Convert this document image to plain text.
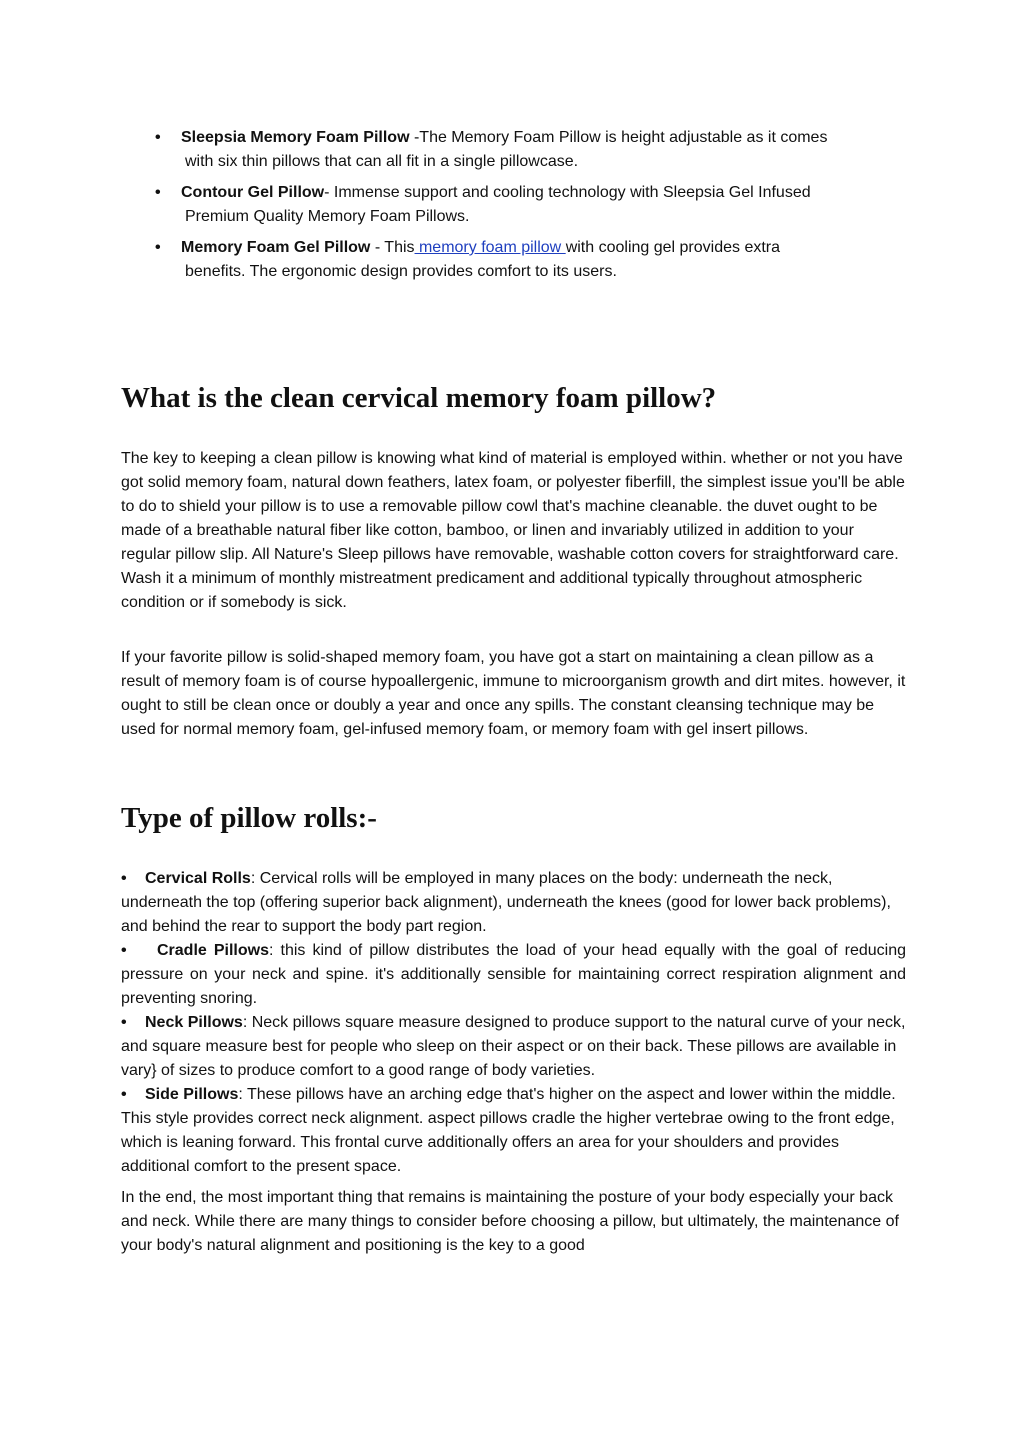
• Sleepsia Memory Foam Pillow -The Memory Foam Pillow is height adjustable as it comes
with six thin pillows that can all fit in a single pillowcase.
• Contour Gel Pillow- Immense support and cooling technology with Sleepsia Gel Infused
Premium Quality Memory Foam Pillows.
• Memory Foam Gel Pillow - This memory foam pillow with cooling gel provides extra
benefits. The ergonomic design provides comfort to its users.
What is the clean cervical memory foam pillow?

The key to keeping a clean pillow is knowing what kind of material is employed within. whether or not you have got solid memory foam, natural down feathers, latex foam, or polyester fiberfill, the simplest issue you'll be able to do to shield your pillow is to use a removable pillow cowl that's machine cleanable. the duvet ought to be made of a breathable natural fiber like cotton, bamboo, or linen and invariably utilized in addition to your regular pillow slip. All Nature's Sleep pillows have removable, washable cotton covers for straightforward care. Wash it a minimum of monthly mistreatment predicament and additional typically throughout atmospheric condition or if somebody is sick.

If your favorite pillow is solid-shaped memory foam, you have got a start on maintaining a clean pillow as a result of memory foam is of course hypoallergenic, immune to microorganism growth and dirt mites. however, it ought to still be clean once or doubly a year and once any spills. The constant cleansing technique may be used for normal memory foam, gel-infused memory foam, or memory foam with gel insert pillows.

Type of pillow rolls:-
• Cervical Rolls: Cervical rolls will be employed in many places on the body: underneath the neck, underneath the top (offering superior back alignment), underneath the knees (good for lower back problems), and behind the rear to support the body part region.
• Cradle Pillows: this kind of pillow distributes the load of your head equally with the goal of reducing pressure on your neck and spine. it's additionally sensible for maintaining correct respiration alignment and preventing snoring.
• Neck Pillows: Neck pillows square measure designed to produce support to the natural curve of your neck, and square measure best for people who sleep on their aspect or on their back. These pillows are available in vary} of sizes to produce comfort to a good range of body varieties.
• Side Pillows: These pillows have an arching edge that's higher on the aspect and lower within the middle. This style provides correct neck alignment. aspect pillows cradle the higher vertebrae owing to the front edge, which is leaning forward. This frontal curve additionally offers an area for your shoulders and provides additional comfort to the present space.

In the end, the most important thing that remains is maintaining the posture of your body especially your back and neck. While there are many things to consider before choosing a pillow, but ultimately, the maintenance of your body's natural alignment and positioning is the key to a good
